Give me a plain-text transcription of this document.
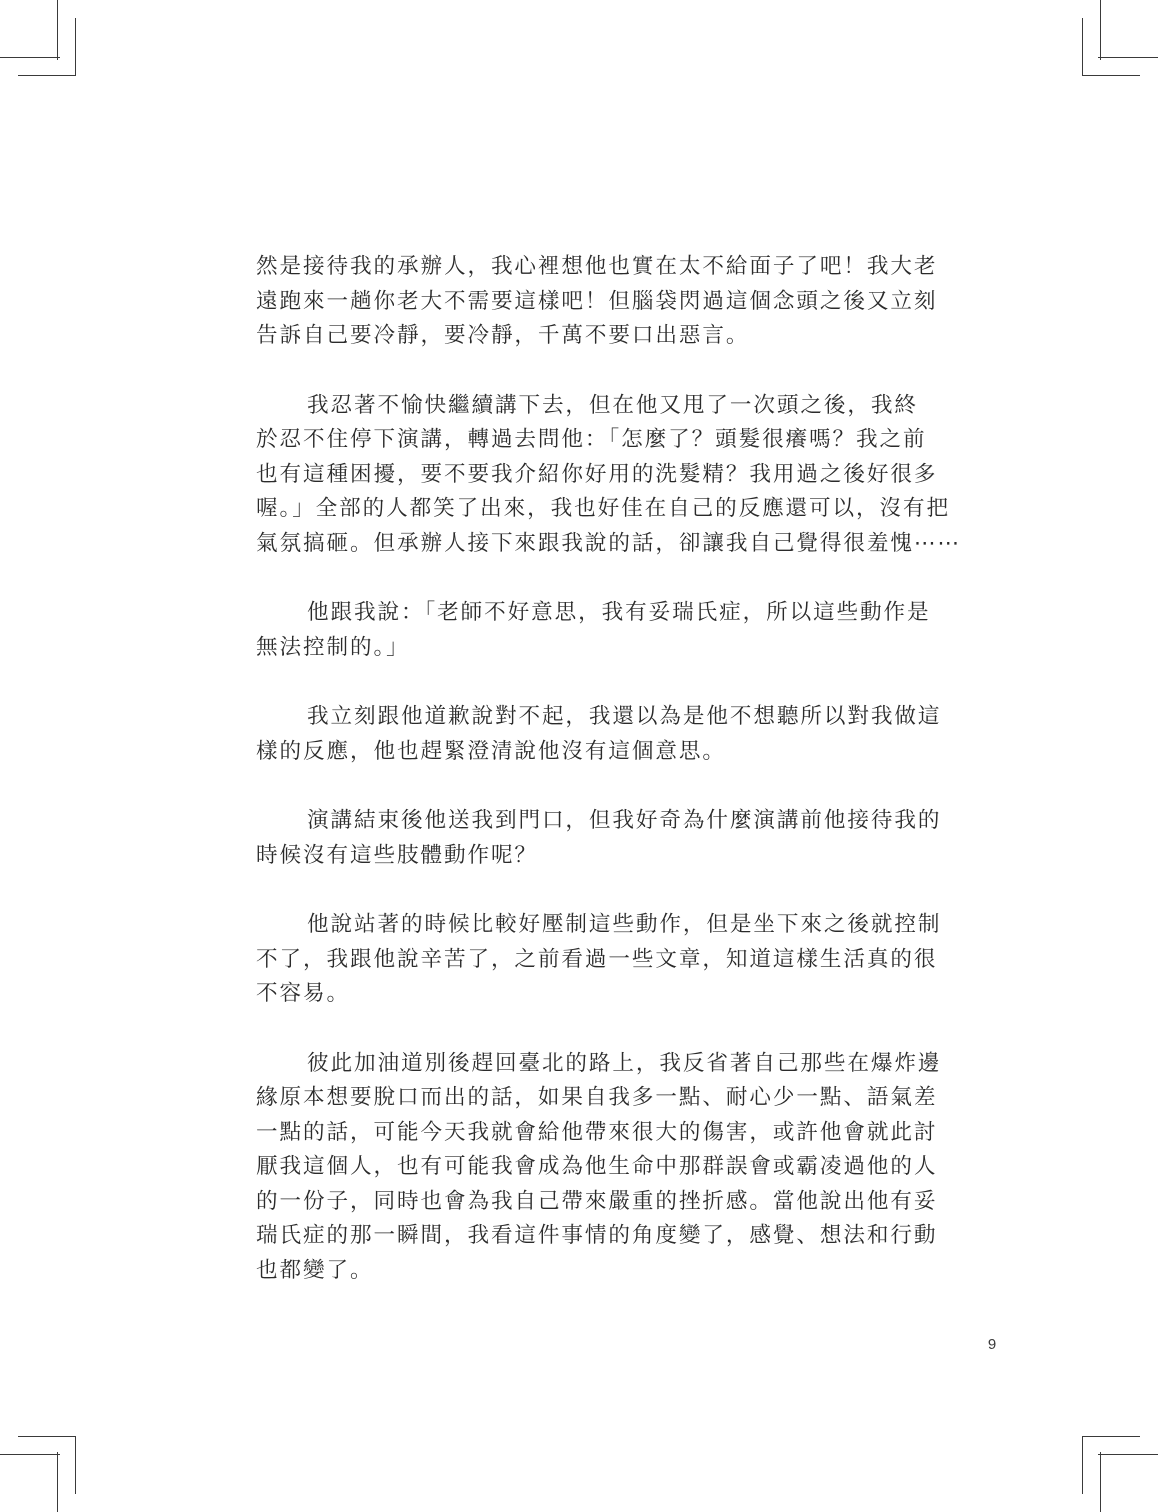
然是接待我的承辦人，我心裡想他也實在太不給面子了吧！我大老
遠跑來一趟你老大不需要這樣吧！但腦袋閃過這個念頭之後又立刻
告訴自己要冷靜，要冷靜，千萬不要口出惡言。

我忍著不愉快繼續講下去，但在他又甩了一次頭之後，我終
於忍不住停下演講，轉過去問他：「怎麼了？頭髮很癢嗎？我之前
也有這種困擾，要不要我介紹你好用的洗髮精？我用過之後好很多
喔。」全部的人都笑了出來，我也好佳在自己的反應還可以，沒有把
氣氛搞砸。但承辦人接下來跟我說的話，卻讓我自己覺得很羞愧⋯⋯

他跟我說：「老師不好意思，我有妥瑞氏症，所以這些動作是
無法控制的。」

我立刻跟他道歉說對不起，我還以為是他不想聽所以對我做這
樣的反應，他也趕緊澄清說他沒有這個意思。

演講結束後他送我到門口，但我好奇為什麼演講前他接待我的
時候沒有這些肢體動作呢？

他說站著的時候比較好壓制這些動作，但是坐下來之後就控制
不了，我跟他說辛苦了，之前看過一些文章，知道這樣生活真的很
不容易。

彼此加油道別後趕回臺北的路上，我反省著自己那些在爆炸邊
緣原本想要脫口而出的話，如果自我多一點、耐心少一點、語氣差
一點的話，可能今天我就會給他帶來很大的傷害，或許他會就此討
厭我這個人，也有可能我會成為他生命中那群誤會或霸凌過他的人
的一份子，同時也會為我自己帶來嚴重的挫折感。當他說出他有妥
瑞氏症的那一瞬間，我看這件事情的角度變了，感覺、想法和行動
也都變了。

9
